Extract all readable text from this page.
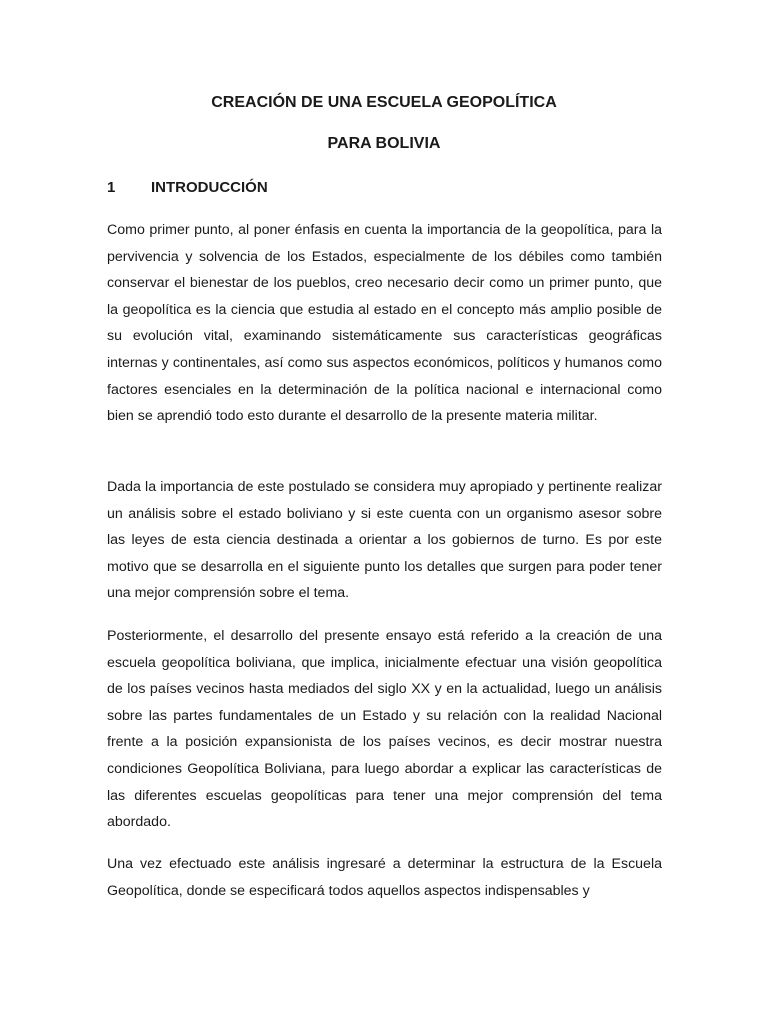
CREACIÓN DE UNA ESCUELA GEOPOLÍTICA
PARA BOLIVIA
1 INTRODUCCIÓN

Como primer punto, al poner énfasis en cuenta la importancia de la geopolítica, para la pervivencia y solvencia de los Estados, especialmente de los débiles como también conservar el bienestar de los pueblos, creo necesario decir como un primer punto, que la geopolítica es la ciencia que estudia al estado en el concepto más amplio posible de su evolución vital, examinando sistemáticamente sus características geográficas internas y continentales, así como sus aspectos económicos, políticos y humanos como factores esenciales en la determinación de la política nacional e internacional como bien se aprendió todo esto durante el desarrollo de la presente materia militar.

Dada la importancia de este postulado se considera muy apropiado y pertinente realizar un análisis sobre el estado boliviano y si este cuenta con un organismo asesor sobre las leyes de esta ciencia destinada a orientar a los gobiernos de turno. Es por este motivo que se desarrolla en el siguiente punto los detalles que surgen para poder tener una mejor comprensión sobre el tema.

Posteriormente, el desarrollo del presente ensayo está referido a la creación de una escuela geopolítica boliviana, que implica, inicialmente efectuar una visión geopolítica de los países vecinos hasta mediados del siglo XX y en la actualidad, luego un análisis sobre las partes fundamentales de un Estado y su relación con la realidad Nacional frente a la posición expansionista de los países vecinos, es decir mostrar nuestra condiciones Geopolítica Boliviana, para luego abordar a explicar las características de las diferentes escuelas geopolíticas para tener una mejor comprensión del tema abordado.

Una vez efectuado este análisis ingresaré a determinar la estructura de la Escuela Geopolítica, donde se especificará todos aquellos aspectos indispensables y
